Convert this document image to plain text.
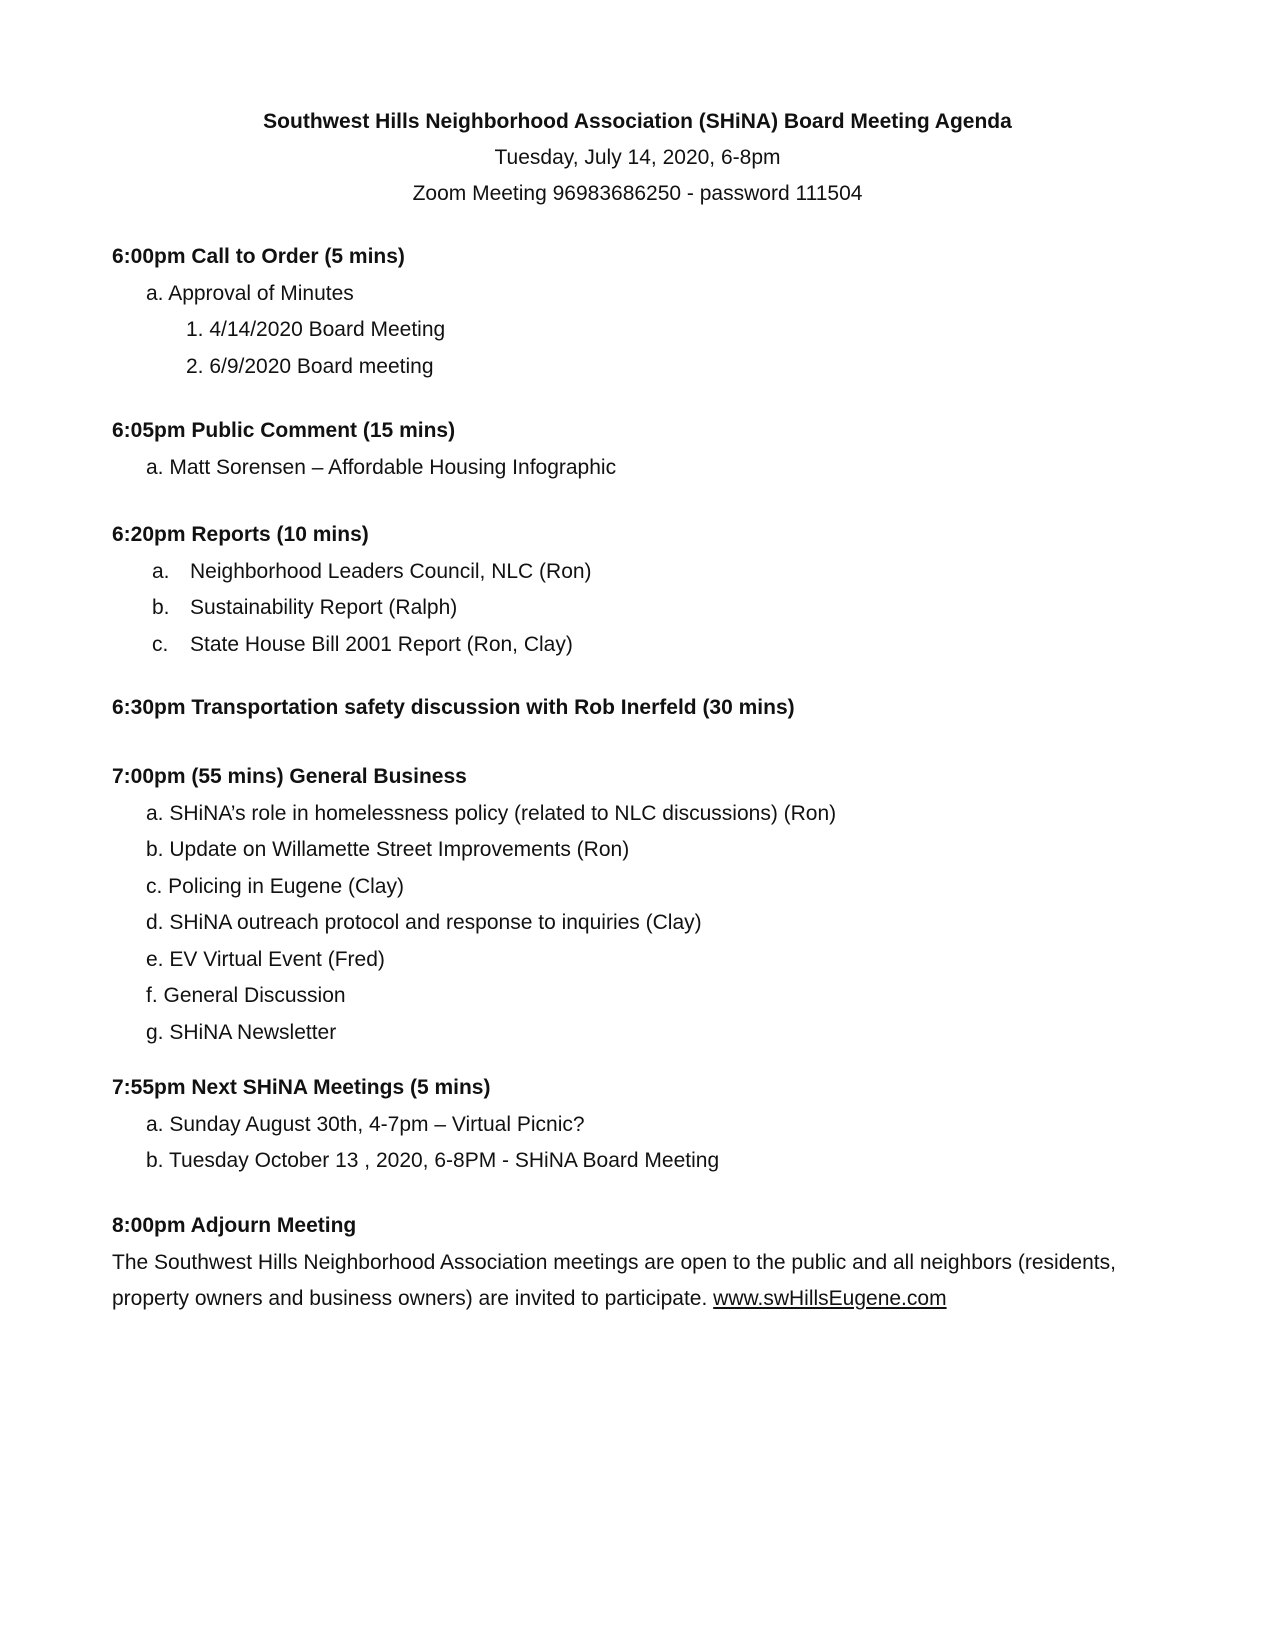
Southwest Hills Neighborhood Association (SHiNA) Board Meeting Agenda
Tuesday, July 14, 2020, 6-8pm
Zoom Meeting 96983686250 - password 111504
6:00pm Call to Order (5 mins)
a. Approval of Minutes
1. 4/14/2020 Board Meeting
2. 6/9/2020 Board meeting
6:05pm Public Comment (15 mins)
a. Matt Sorensen – Affordable Housing Infographic
6:20pm Reports (10 mins)
a. Neighborhood Leaders Council, NLC (Ron)
b. Sustainability Report (Ralph)
c. State House Bill 2001 Report (Ron, Clay)
6:30pm Transportation safety discussion with Rob Inerfeld (30 mins)
7:00pm (55 mins) General Business
a. SHiNA’s role in homelessness policy (related to NLC discussions) (Ron)
b. Update on Willamette Street Improvements (Ron)
c. Policing in Eugene (Clay)
d. SHiNA outreach protocol and response to inquiries (Clay)
e. EV Virtual Event (Fred)
f. General Discussion
g. SHiNA Newsletter
7:55pm Next SHiNA Meetings (5 mins)
a. Sunday August 30th, 4-7pm – Virtual Picnic?
b. Tuesday October 13 , 2020, 6-8PM - SHiNA Board Meeting
8:00pm Adjourn Meeting
The Southwest Hills Neighborhood Association meetings are open to the public and all neighbors (residents, property owners and business owners) are invited to participate. www.swHillsEugene.com
